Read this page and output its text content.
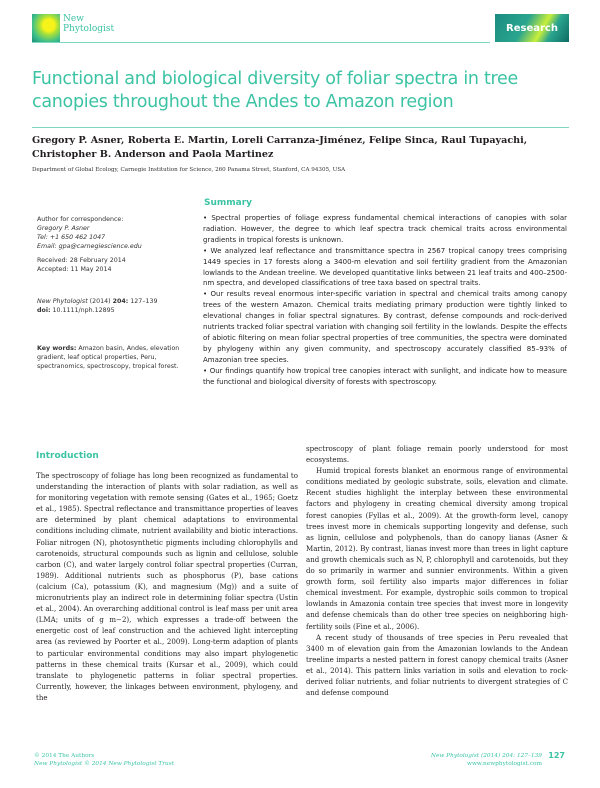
New
Phytologist	Research
Functional and biological diversity of foliar spectra in tree canopies throughout the Andes to Amazon region
Gregory P. Asner, Roberta E. Martin, Loreli Carranza-Jiménez, Felipe Sinca, Raul Tupayachi, Christopher B. Anderson and Paola Martinez
Department of Global Ecology, Carnegie Institution for Science, 260 Panama Street, Stanford, CA 94305, USA
Author for correspondence:
Gregory P. Asner
Tel: +1 650 462 1047
Email: gpa@carnegiescience.edu
Received: 28 February 2014
Accepted: 11 May 2014
New Phytologist (2014) 204: 127–139
doi: 10.1111/nph.12895
Key words: Amazon basin, Andes, elevation gradient, leaf optical properties, Peru, spectranomics, spectroscopy, tropical forest.
Summary

• Spectral properties of foliage express fundamental chemical interactions of canopies with solar radiation. However, the degree to which leaf spectra track chemical traits across environmental gradients in tropical forests is unknown.

• We analyzed leaf reflectance and transmittance spectra in 2567 tropical canopy trees comprising 1449 species in 17 forests along a 3400-m elevation and soil fertility gradient from the Amazonian lowlands to the Andean treeline. We developed quantitative links between 21 leaf traits and 400–2500-nm spectra, and developed classifications of tree taxa based on spectral traits.

• Our results reveal enormous inter-specific variation in spectral and chemical traits among canopy trees of the western Amazon. Chemical traits mediating primary production were tightly linked to elevational changes in foliar spectral signatures. By contrast, defense compounds and rock-derived nutrients tracked foliar spectral variation with changing soil fertility in the lowlands. Despite the effects of abiotic filtering on mean foliar spectral properties of tree communities, the spectra were dominated by phylogeny within any given community, and spectroscopy accurately classified 85–93% of Amazonian tree species.

• Our findings quantify how tropical tree canopies interact with sunlight, and indicate how to measure the functional and biological diversity of forests with spectroscopy.

Introduction

The spectroscopy of foliage has long been recognized as fundamental to understanding the interaction of plants with solar radiation, as well as for monitoring vegetation with remote sensing (Gates et al., 1965; Goetz et al., 1985). Spectral reflectance and transmittance properties of leaves are determined by plant chemical adaptations to environmental conditions including climate, nutrient availability and biotic interactions. Foliar nitrogen (N), photosynthetic pigments including chlorophylls and carotenoids, structural compounds such as lignin and cellulose, soluble carbon (C), and water largely control foliar spectral properties (Curran, 1989). Additional nutrients such as phosphorus (P), base cations (calcium (Ca), potassium (K), and magnesium (Mg)) and a suite of micronutrients play an indirect role in determining foliar spectra (Ustin et al., 2004). An overarching additional control is leaf mass per unit area (LMA; units of g m−2), which expresses a trade-off between the energetic cost of leaf construction and the achieved light intercepting area (as reviewed by Poorter et al., 2009). Long-term adaption of plants to particular environmental conditions may also impart phylogenetic patterns in these chemical traits (Kursar et al., 2009), which could translate to phylogenetic patterns in foliar spectral properties. Currently, however, the linkages between environment, phylogeny, and the

spectroscopy of plant foliage remain poorly understood for most ecosystems.

Humid tropical forests blanket an enormous range of environmental conditions mediated by geologic substrate, soils, elevation and climate. Recent studies highlight the interplay between these environmental factors and phylogeny in creating chemical diversity among tropical forest canopies (Fyllas et al., 2009). At the growth-form level, canopy trees invest more in chemicals supporting longevity and defense, such as lignin, cellulose and polyphenols, than do canopy lianas (Asner & Martin, 2012). By contrast, lianas invest more than trees in light capture and growth chemicals such as N, P, chlorophyll and carotenoids, but they do so primarily in warmer and sunnier environments. Within a given growth form, soil fertility also imparts major differences in foliar chemical investment. For example, dystrophic soils common to tropical lowlands in Amazonia contain tree species that invest more in longevity and defense chemicals than do other tree species on neighboring high-fertility soils (Fine et al., 2006).

A recent study of thousands of tree species in Peru revealed that 3400 m of elevation gain from the Amazonian lowlands to the Andean treeline imparts a nested pattern in forest canopy chemical traits (Asner et al., 2014). This pattern links variation in soils and elevation to rock-derived foliar nutrients, and foliar nutrients to divergent strategies of C and defense compound

© 2014 The Authors
New Phytologist © 2014 New Phytologist Trust
New Phytologist (2014) 204: 127–139
www.newphytologist.com
127
